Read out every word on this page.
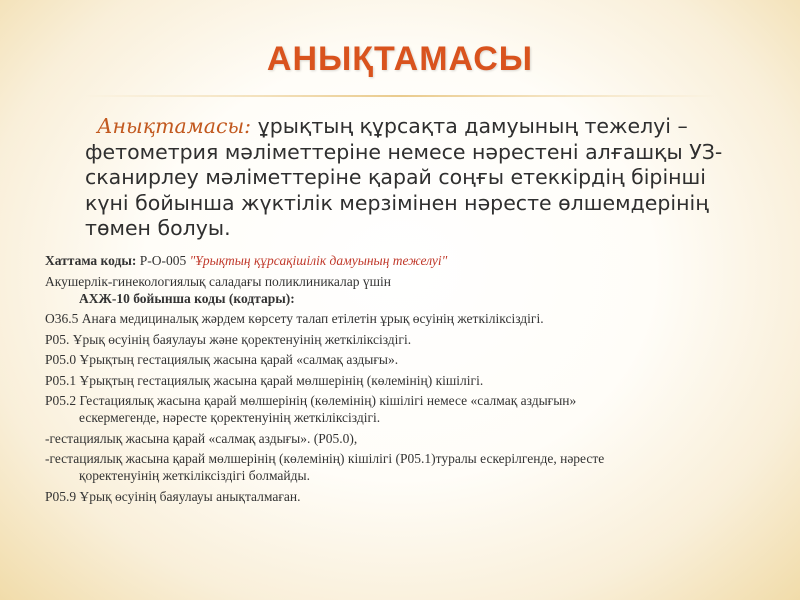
АНЫҚТАМАСЫ
Анықтамасы: ұрықтың құрсақта дамуының тежелуі – фетометрия мәліметтеріне немесе нәрестені алғашқы УЗ-сканирлеу мәліметтеріне қарай соңғы етеккірдің бірінші күні бойынша жүктілік мерзімінен нәресте өлшемдерінің төмен болуы.
Хаттама коды: Р-О-005 "Ұрықтың құрсақішілік дамуының тежелуі"
Акушерлік-гинекологиялық саладағы поликлиникалар үшін
АХЖ-10 бойынша коды (кодтары):
О36.5 Анаға медициналық жәрдем көрсету талап етілетін ұрық өсуінің жеткіліксіздігі.
Р05. Ұрық өсуінің баяулауы және қоректенуінің жеткіліксіздігі.
Р05.0 Ұрықтың гестациялық жасына қарай «салмақ аздығы».
Р05.1 Ұрықтың гестациялық жасына қарай мөлшерінің (көлемінің) кішілігі.
Р05.2 Гестациялық жасына қарай мөлшерінің (көлемінің) кішілігі немесе «салмақ аздығын»
ескермегенде, нәресте қоректенуінің жеткіліксіздігі.
-гестациялық жасына қарай «салмақ аздығы». (Р05.0),
-гестациялық жасына қарай мөлшерінің (көлемінің) кішілігі (Р05.1)туралы ескерілгенде, нәресте
қоректенуінің жеткіліксіздігі болмайды.
Р05.9 Ұрық өсуінің баяулауы анықталмаған.
